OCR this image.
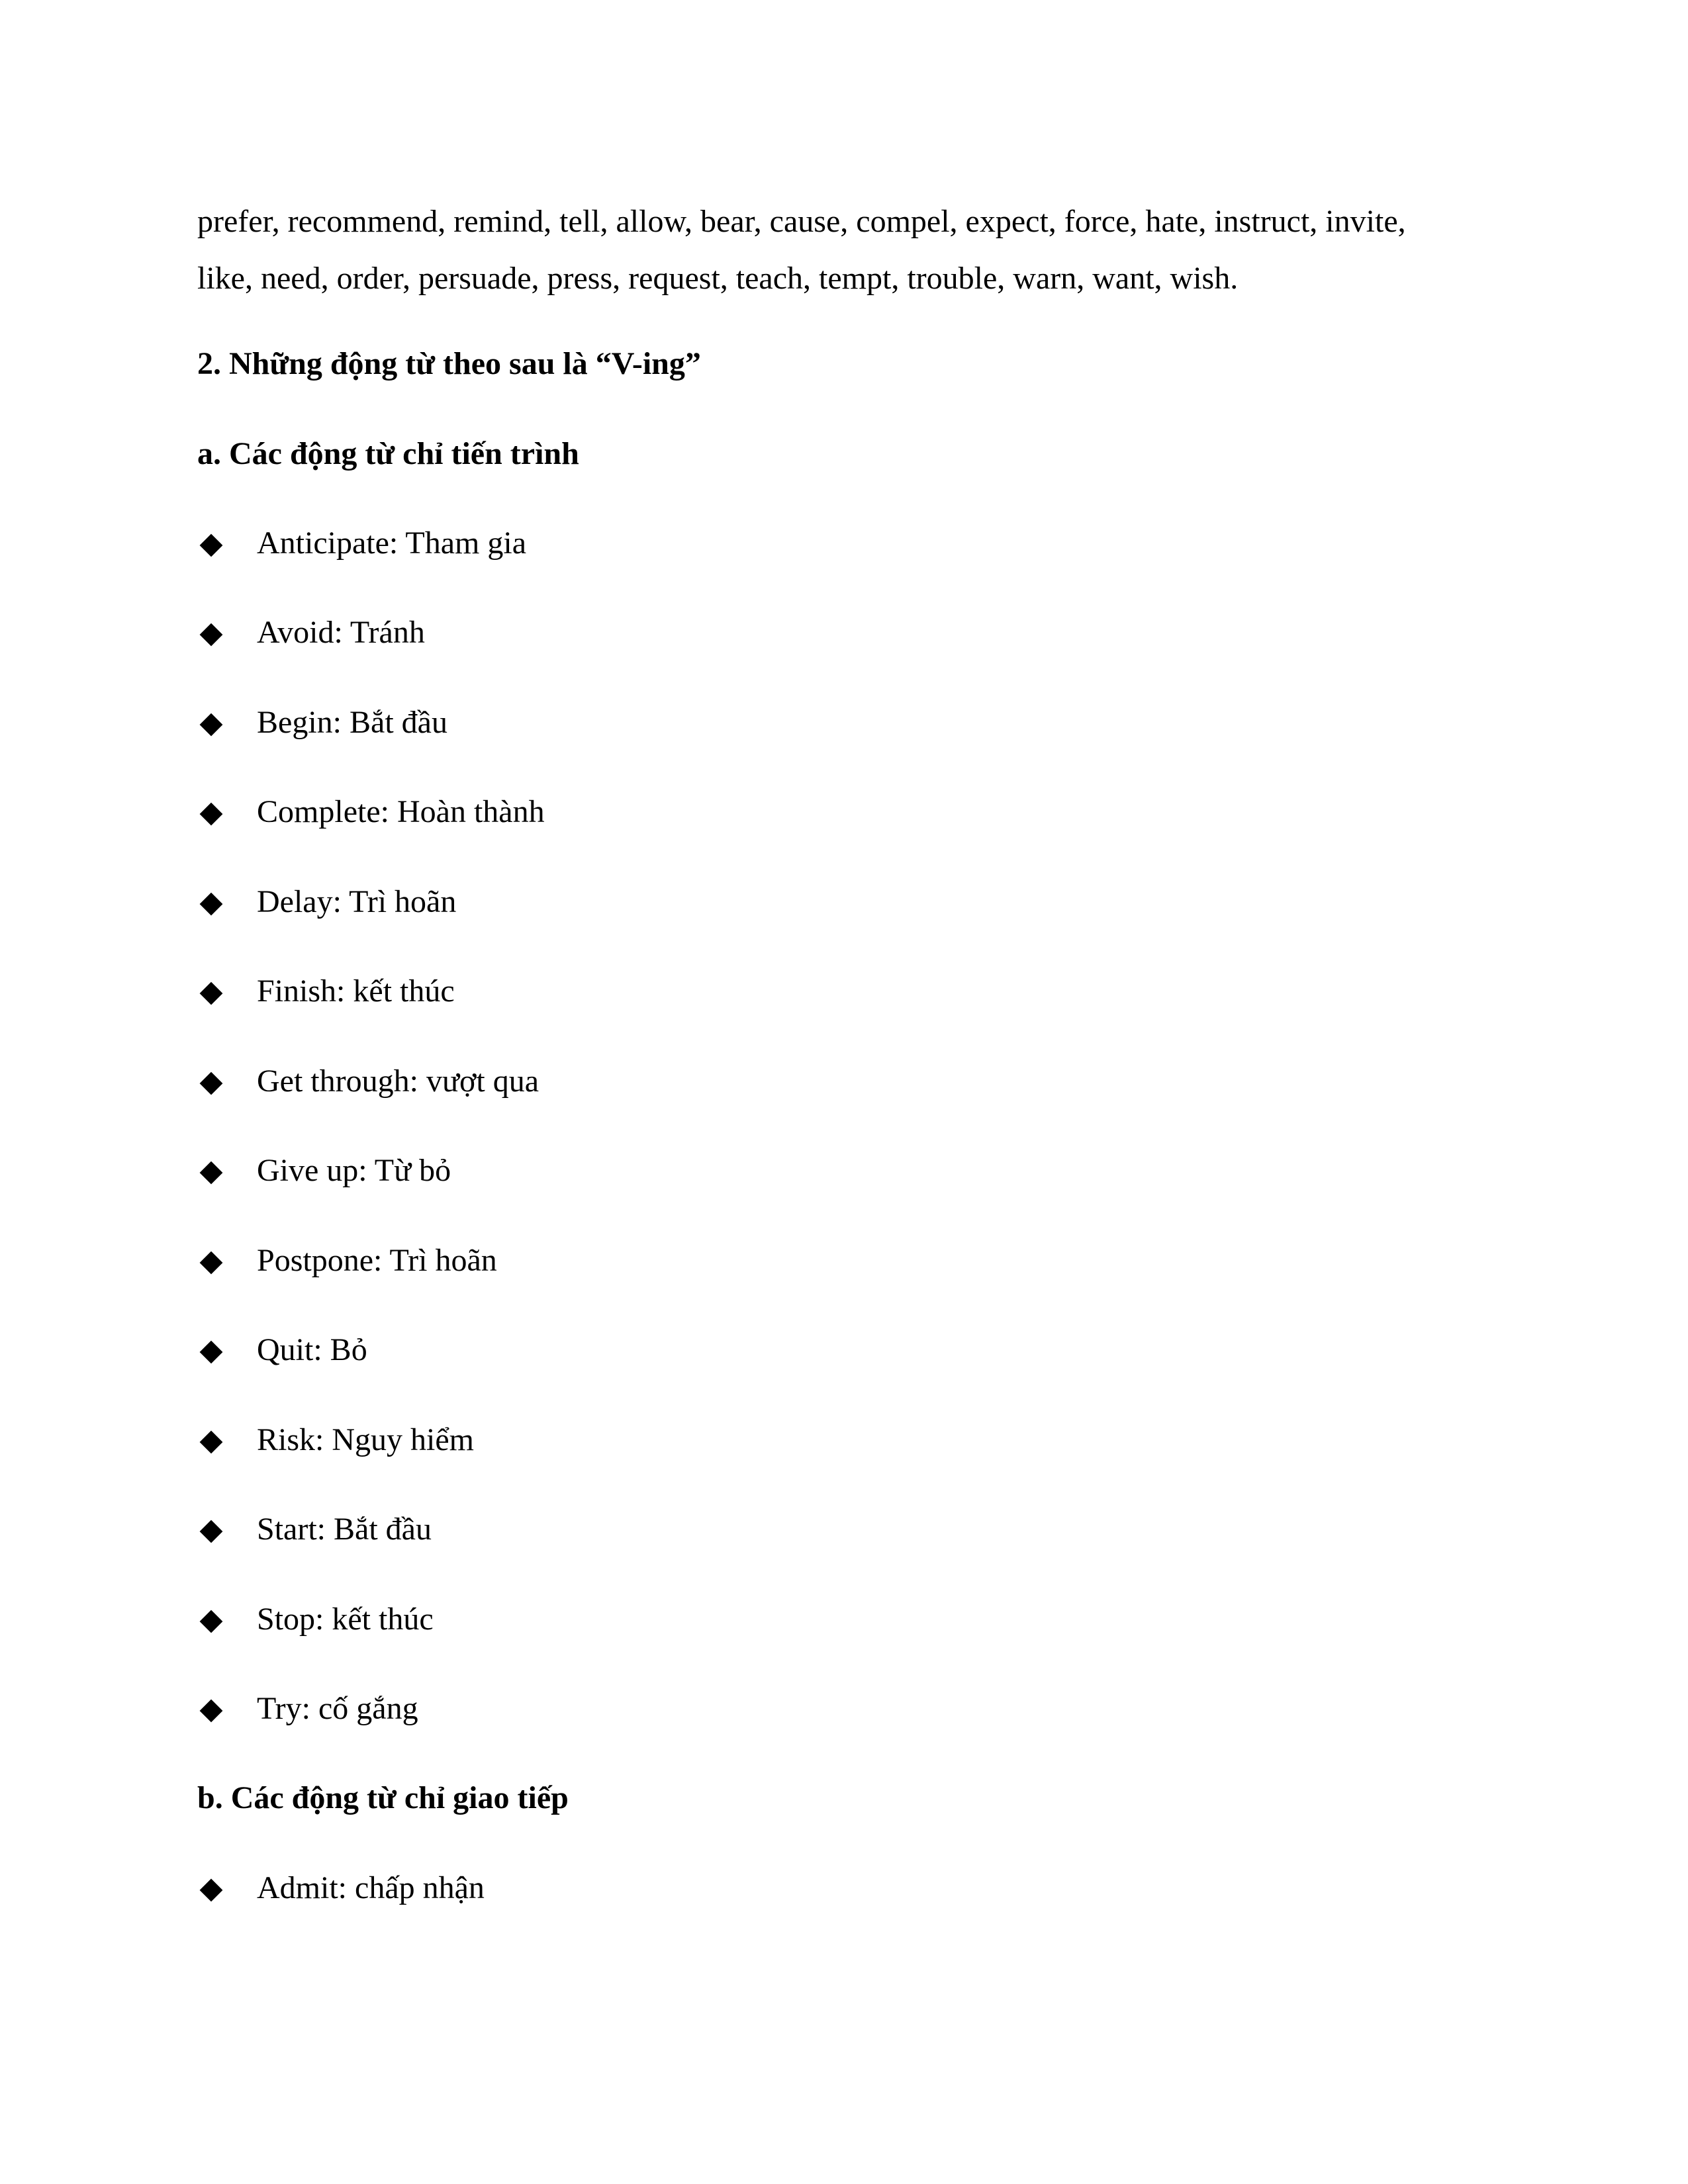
prefer, recommend, remind, tell, allow, bear, cause, compel, expect, force, hate, instruct, invite,
like, need, order, persuade, press, request, teach, tempt, trouble, warn, want, wish.

2. Những động từ theo sau là “V-ing”
a. Các động từ chỉ tiến trình
Anticipate: Tham gia
Avoid: Tránh
Begin: Bắt đầu
Complete: Hoàn thành
Delay: Trì hoãn
Finish: kết thúc
Get through: vượt qua
Give up: Từ bỏ
Postpone: Trì hoãn
Quit: Bỏ
Risk: Nguy hiểm
Start: Bắt đầu
Stop: kết thúc
Try: cố gắng
b. Các động từ chỉ giao tiếp
Admit: chấp nhận
